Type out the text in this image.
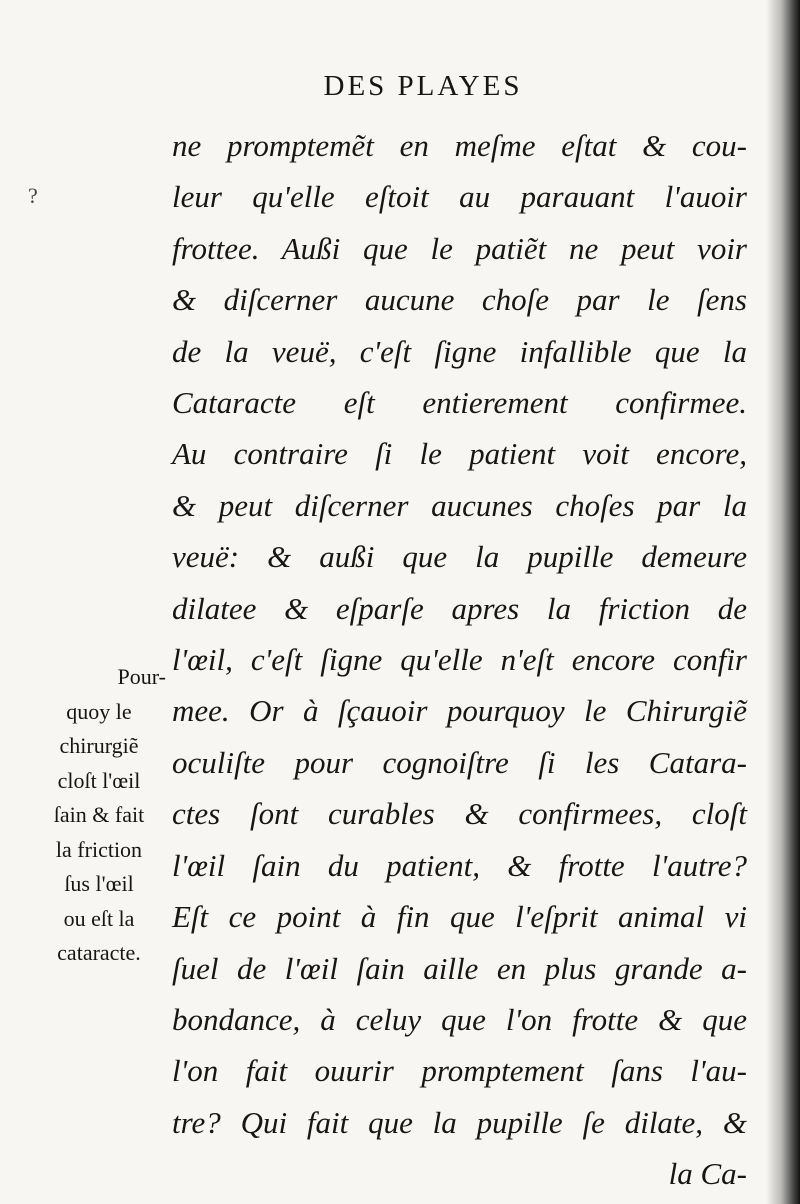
DES PLAYES
?
ne promptemẽt en meſme eſtat & cou-
leur qu'elle eſtoit au parauant l'auoir
frottee. Außi que le patiẽt ne peut voir
& diſcerner aucune choſe par le ſens
de la veuë, c'eſt ſigne infallible que la
Cataracte eſt entierement confirmee.
Au contraire ſi le patient voit encore,
& peut diſcerner aucunes choſes par la
veuë: & außi que la pupille demeure
dilatee & eſparſe apres la friction de
l'œil, c'eſt ſigne qu'elle n'eſt encore confir
mee. Or à ſçauoir pourquoy le Chirurgiẽ
oculiſte pour cognoiſtre ſi les Catara-
ctes ſont curables & confirmees, cloſt
l'œil ſain du patient, & frotte l'autre?
Eſt ce point à fin que l'eſprit animal vi
ſuel de l'œil ſain aille en plus grande a-
bondance, à celuy que l'on frotte & que
l'on fait ouurir promptement ſans l'au-
tre? Qui fait que la pupille ſe dilate, &
la Ca-
Pour-
quoy le
chirurgiẽ
cloſt l'œil
ſain & fait
la friction
ſus l'œil
ou eſt la
cataracte.
